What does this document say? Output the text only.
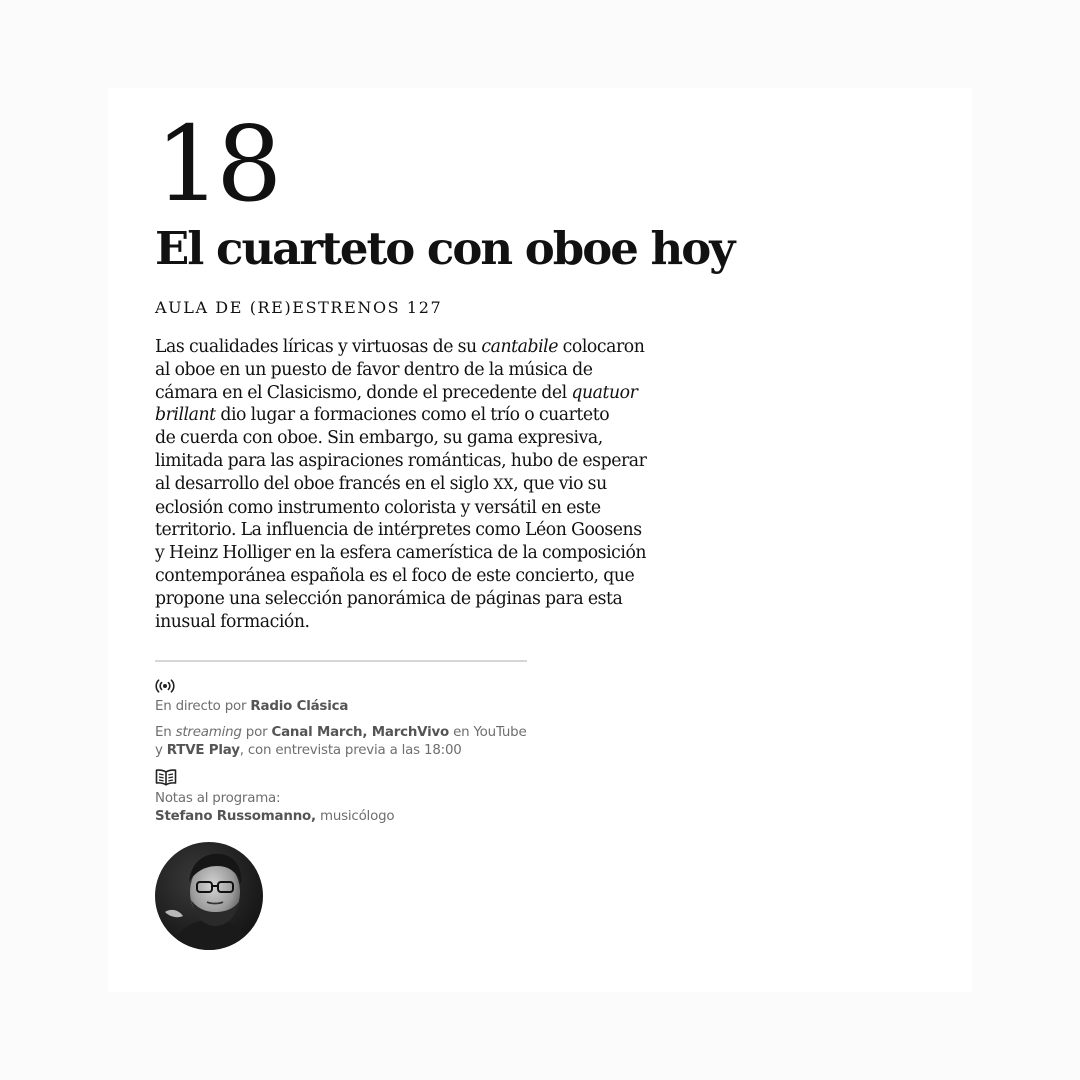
18
El cuarteto con oboe hoy
AULA DE (RE)ESTRENOS 127
Las cualidades líricas y virtuosas de su cantabile colocaron
al oboe en un puesto de favor dentro de la música de
cámara en el Clasicismo, donde el precedente del quatuor
brillant dio lugar a formaciones como el trío o cuarteto
de cuerda con oboe. Sin embargo, su gama expresiva,
limitada para las aspiraciones románticas, hubo de esperar
al desarrollo del oboe francés en el siglo XX, que vio su
eclosión como instrumento colorista y versátil en este
territorio. La influencia de intérpretes como Léon Goosens
y Heinz Holliger en la esfera camerística de la composición
contemporánea española es el foco de este concierto, que
propone una selección panorámica de páginas para esta
inusual formación.
En directo por Radio Clásica
En streaming por Canal March, MarchVivo en YouTube
y RTVE Play, con entrevista previa a las 18:00
Notas al programa:
Stefano Russomanno, musicólogo
